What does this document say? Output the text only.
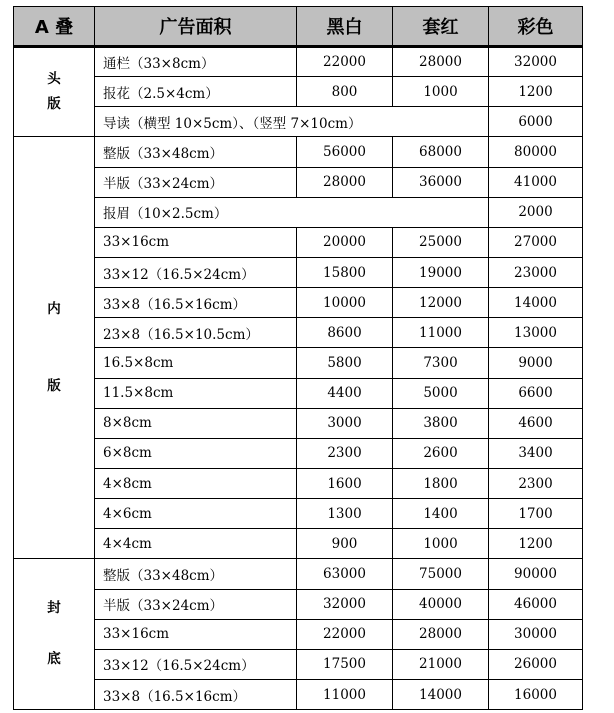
A 叠	广告面积	黑白	套红	彩色

头
版	通栏（33×8cm）	22000	28000	32000
	报花（2.5×4cm）	800	1000	1200
	导读（横型 10×5cm）、（竖型 7×10cm）			6000

内

版	整版（33×48cm）	56000	68000	80000
	半版（33×24cm）	28000	36000	41000
	报眉（10×2.5cm）			2000
	33×16cm	20000	25000	27000
	33×12（16.5×24cm）	15800	19000	23000
	33×8（16.5×16cm）	10000	12000	14000
	23×8（16.5×10.5cm）	8600	11000	13000
	16.5×8cm	5800	7300	9000
	11.5×8cm	4400	5000	6600
	8×8cm	3000	3800	4600
	6×8cm	2300	2600	3400
	4×8cm	1600	1800	2300
	4×6cm	1300	1400	1700
	4×4cm	900	1000	1200

封

底	整版（33×48cm）	63000	75000	90000
	半版（33×24cm）	32000	40000	46000
	33×16cm	22000	28000	30000
	33×12（16.5×24cm）	17500	21000	26000
	33×8（16.5×16cm）	11000	14000	16000
